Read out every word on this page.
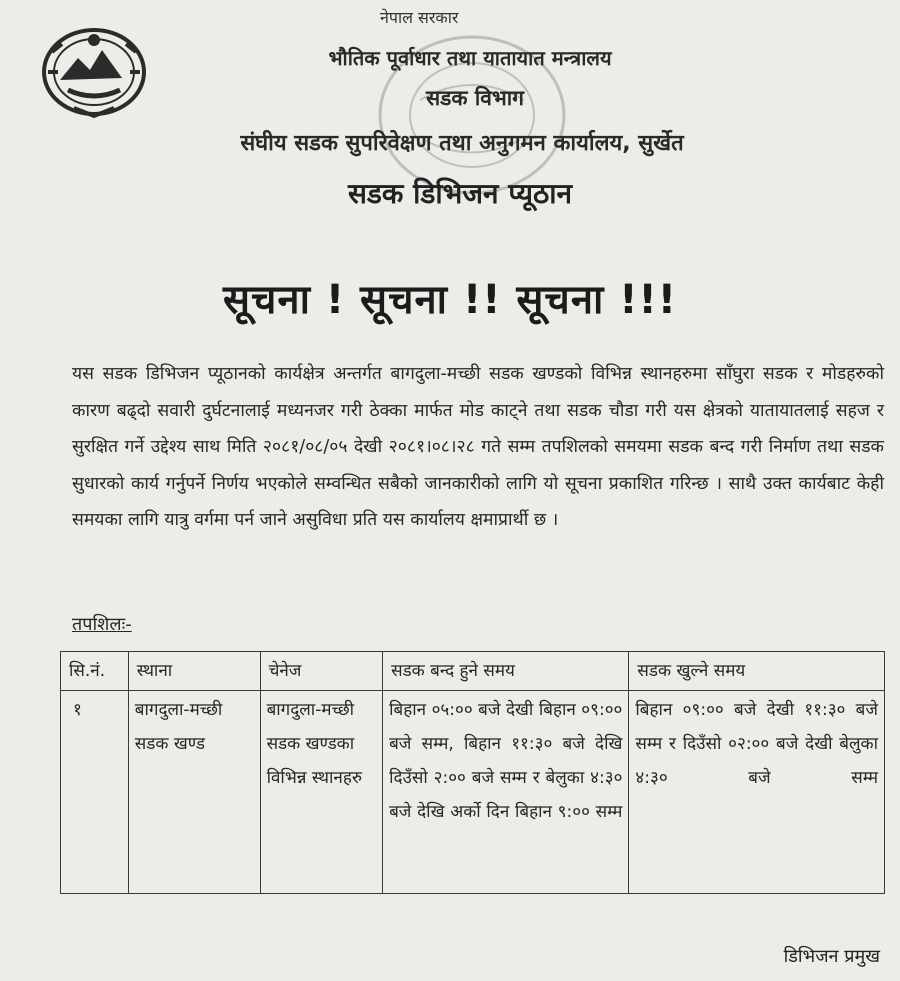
नेपाल सरकार
भौतिक पूर्वाधार तथा यातायात मन्त्रालय
सडक विभाग
संघीय सडक सुपरिवेक्षण तथा अनुगमन कार्यालय, सुर्खेत
सडक डिभिजन प्यूठान
सूचना ! सूचना !! सूचना !!!
यस सडक डिभिजन प्यूठानको कार्यक्षेत्र अन्तर्गत बागदुला-मच्छी सडक खण्डको विभिन्न स्थानहरुमा साँघुरा सडक र मोडहरुको कारण बढ्दो सवारी दुर्घटनालाई मध्यनजर गरी ठेक्का मार्फत मोड काट्ने तथा सडक चौडा गरी यस क्षेत्रको यातायातलाई सहज र सुरक्षित गर्ने उद्देश्य साथ मिति २०८१/०८/०५ देखी २०८१।०८।२८ गते सम्म तपशिलको समयमा सडक बन्द गरी निर्माण तथा सडक सुधारको कार्य गर्नुपर्ने निर्णय भएकोले सम्वन्धित सबैको जानकारीको लागि यो सूचना प्रकाशित गरिन्छ । साथै उक्त कार्यबाट केही समयका लागि यात्रु वर्गमा पर्न जाने असुविधा प्रति यस कार्यालय क्षमाप्रार्थी छ ।
तपशिलः-
सि.नं.	स्थाना	चेनेज	सडक बन्द हुने समय	सडक खुल्ने समय
१	बागदुला-मच्छी सडक खण्ड	बागदुला-मच्छी सडक खण्डका विभिन्न स्थानहरु	बिहान ०५:०० बजे देखी बिहान ०९:०० बजे सम्म, बिहान ११:३० बजे देखि दिउँसो २:०० बजे सम्म र बेलुका ४:३० बजे देखि अर्को दिन बिहान ९:०० सम्म	बिहान ०९:०० बजे देखी ११:३० बजे सम्म र दिउँसो ०२:०० बजे देखी बेलुका ४:३० बजे सम्म
डिभिजन प्रमुख
